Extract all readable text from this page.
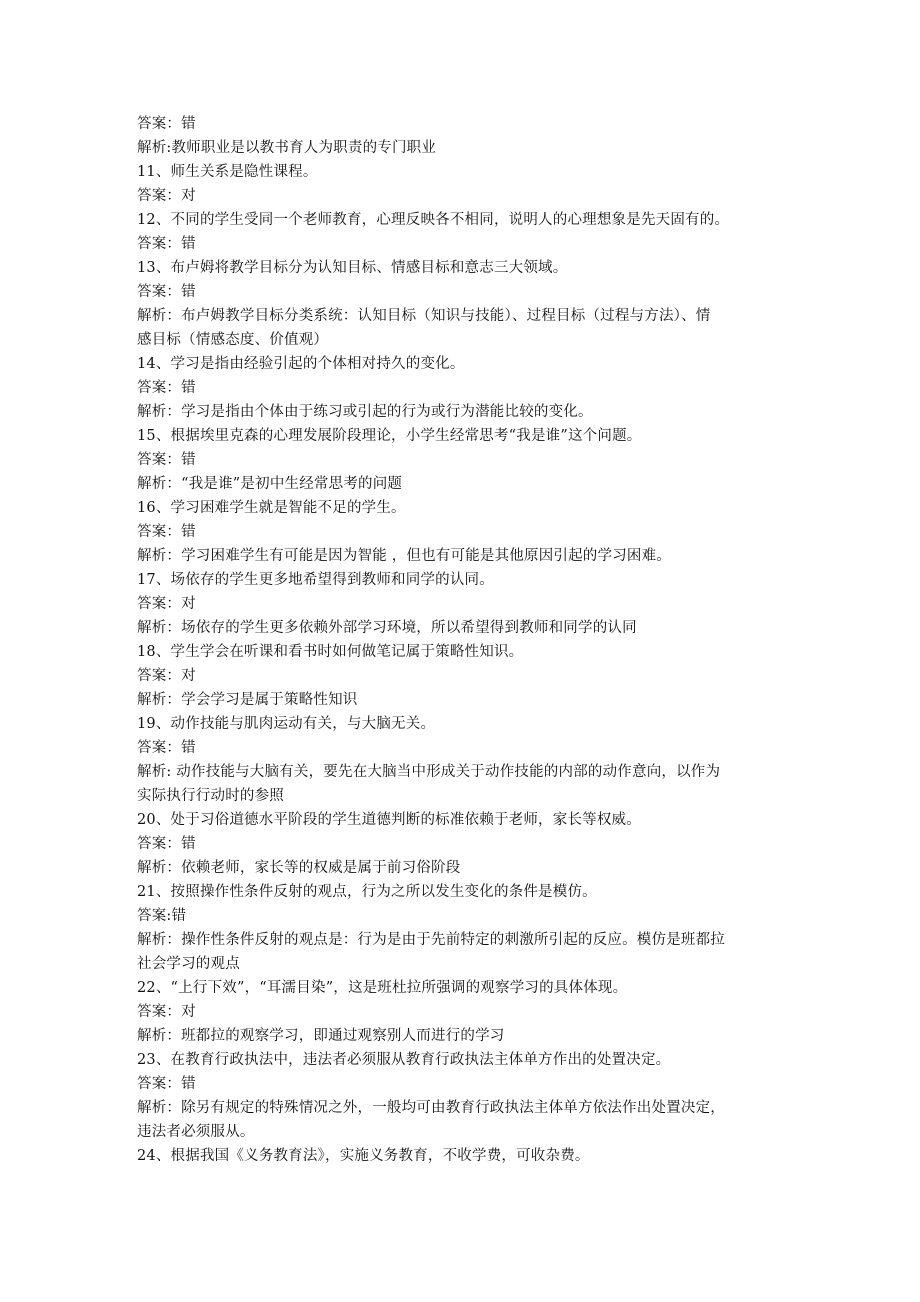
答案：错

解析:教师职业是以教书育人为职责的专门职业

11、师生关系是隐性课程。

答案：对

12、不同的学生受同一个老师教育，心理反映各不相同，说明人的心理想象是先天固有的。

答案：错

13、布卢姆将教学目标分为认知目标、情感目标和意志三大领域。

答案：错

解析：布卢姆教学目标分类系统：认知目标（知识与技能）、过程目标（过程与方法）、情

感目标（情感态度、价值观）

14、学习是指由经验引起的个体相对持久的变化。

答案：错

解析：学习是指由个体由于练习或引起的行为或行为潜能比较的变化。

15、根据埃里克森的心理发展阶段理论，小学生经常思考“我是谁”这个问题。

答案：错

解析：“我是谁”是初中生经常思考的问题

16、学习困难学生就是智能不足的学生。

答案：错

解析：学习困难学生有可能是因为智能 ，但也有可能是其他原因引起的学习困难。

17、场依存的学生更多地希望得到教师和同学的认同。

答案：对

解析：场依存的学生更多依赖外部学习环境，所以希望得到教师和同学的认同

18、学生学会在听课和看书时如何做笔记属于策略性知识。

答案：对

解析：学会学习是属于策略性知识

19、动作技能与肌肉运动有关，与大脑无关。

答案：错

解析: 动作技能与大脑有关，要先在大脑当中形成关于动作技能的内部的动作意向，以作为

实际执行行动时的参照

20、处于习俗道德水平阶段的学生道德判断的标准依赖于老师，家长等权威。

答案：错

解析：依赖老师，家长等的权威是属于前习俗阶段

21、按照操作性条件反射的观点，行为之所以发生变化的条件是模仿。

答案:错

解析：操作性条件反射的观点是：行为是由于先前特定的刺激所引起的反应。模仿是班都拉

社会学习的观点

22、“上行下效”，“耳濡目染”，这是班杜拉所强调的观察学习的具体体现。

答案：对

解析：班都拉的观察学习，即通过观察别人而进行的学习

23、在教育行政执法中，违法者必须服从教育行政执法主体单方作出的处置决定。

答案：错

解析：除另有规定的特殊情况之外，一般均可由教育行政执法主体单方依法作出处置决定，

违法者必须服从。

24、根据我国《义务教育法》，实施义务教育，不收学费，可收杂费。
